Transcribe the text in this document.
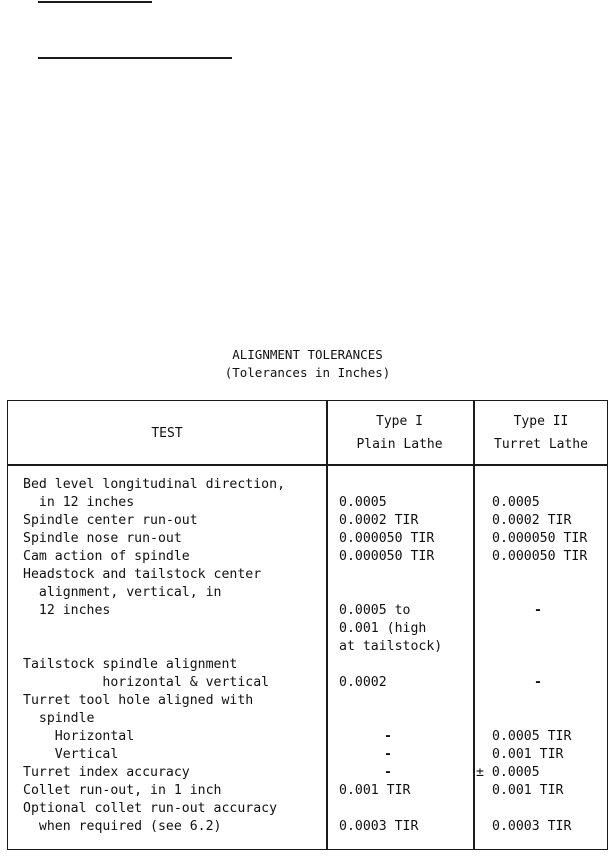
ALIGNMENT TOLERANCES
(Tolerances in Inches)
TEST
Type I
Plain Lathe
Type II
Turret Lathe
Bed level longitudinal direction,
in 12 inches	0.0005	0.0005
Spindle center run-out	0.0002 TIR	0.0002 TIR
Spindle nose run-out	0.000050 TIR	0.000050 TIR
Cam action of spindle	0.000050 TIR	0.000050 TIR
Headstock and tailstock center
alignment, vertical, in
12 inches	0.0005 to	-
0.001 (high
at tailstock)
Tailstock spindle alignment
horizontal & vertical	0.0002	-
Turret tool hole aligned with
spindle
Horizontal	-	0.0005 TIR
Vertical	-	0.001 TIR
Turret index accuracy	-	± 0.0005
Collet run-out, in 1 inch	0.001 TIR	0.001 TIR
Optional collet run-out accuracy
when required (see 6.2)	0.0003 TIR	0.0003 TIR
